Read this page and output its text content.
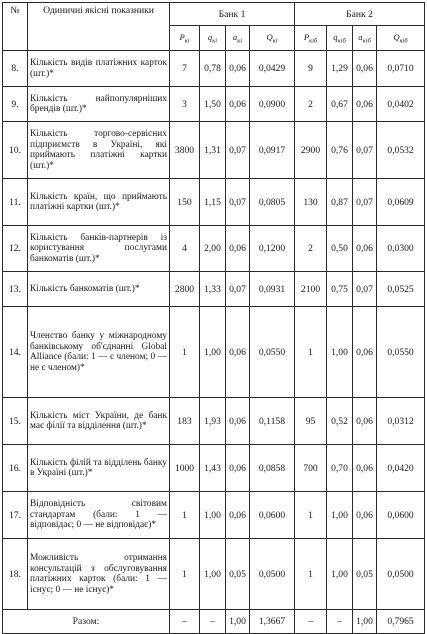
№	Одиничні якісні показники	Банк 1				Банк 2			
		$P_{кі}$	$q_{кі}$	$a_{кі}$	$Q_{кі}$	$P_{кіб}$	$q_{кіб}$	$a_{кіб}$	$Q_{кіб}$
8.	Кількість видів платіжних карток (шт.)*	7	0,78	0,06	0,0429	9	1,29	0,06	0,0710
9.	Кількість найпопулярніших брендів (шт.)*	3	1,50	0,06	0,0900	2	0,67	0,06	0,0402
10.	Кількість торгово-сервісних підприємств в Україні, які приймають платіжні картки (шт.)*	3800	1,31	0,07	0,0917	2900	0,76	0,07	0,0532
11.	Кількість країн, що приймають платіжні картки (шт.)*	150	1,15	0,07	0,0805	130	0,87	0,07	0,0609
12.	Кількість банків-партнерів із користування послугами банкоматів (шт.)*	4	2,00	0,06	0,1200	2	0,50	0,06	0,0300
13.	Кількість банкоматів (шт.)*	2800	1,33	0,07	0,0931	2100	0,75	0,07	0,0525
14.	Членство банку у міжнародному банківському об'єднанні Global Alliance (бали: 1 — є членом; 0 — не є членом)*	1	1,00	0,06	0,0550	1	1,00	0,06	0,0550
15.	Кількість міст України, де банк має філії та відділення (шт.)*	183	1,93	0,06	0,1158	95	0,52	0,06	0,0312
16.	Кількість філій та відділень банку в Україні (шт.)*	1000	1,43	0,06	0,0858	700	0,70	0,06	0,0420
17.	Відповідність світовим стандартам (бали: 1 — відповідає; 0 — не відповідає)*	1	1,00	0,06	0,0600	1	1,00	0,06	0,0600
18.	Можливість отримання консультацій з обслуговування платіжних карток (бали: 1 — існує; 0 — не існує)*	1	1,00	0,05	0,0500	1	1,00	0,05	0,0500
Разом:		–	–	1,00	1,3667	–	–	1,00	0,7965
